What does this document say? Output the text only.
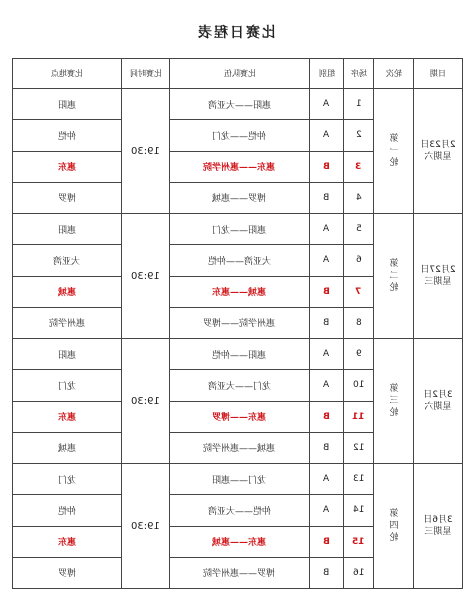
比赛日程表
比赛地点	比赛时间	比赛队伍	组别	场序	轮次	日期
惠阳	19:30	惠阳——大亚湾	A	1	第一轮	2月23日星期六
仲恺		仲恺——龙门	A	2		
惠东		惠东——惠州学院	B	3		
博罗		博罗——惠城	B	4		
惠阳	19:30	惠阳——龙门	A	5	第二轮	2月27日星期三
大亚湾		大亚湾——仲恺	A	6		
惠城		惠城——惠东	B	7		
惠州学院		惠州学院——博罗	B	8		
惠阳	19:30	惠阳——仲恺	A	9	第三轮	3月2日星期六
龙门		龙门——大亚湾	A	10		
惠东		惠东——博罗	B	11		
惠城		惠城——惠州学院	B	12		
龙门	19:30	龙门——惠阳	A	13	第四轮	3月6日星期三
仲恺		仲恺——大亚湾	A	14		
惠东		惠东——惠城	B	15		
博罗		博罗——惠州学院	B	16		
